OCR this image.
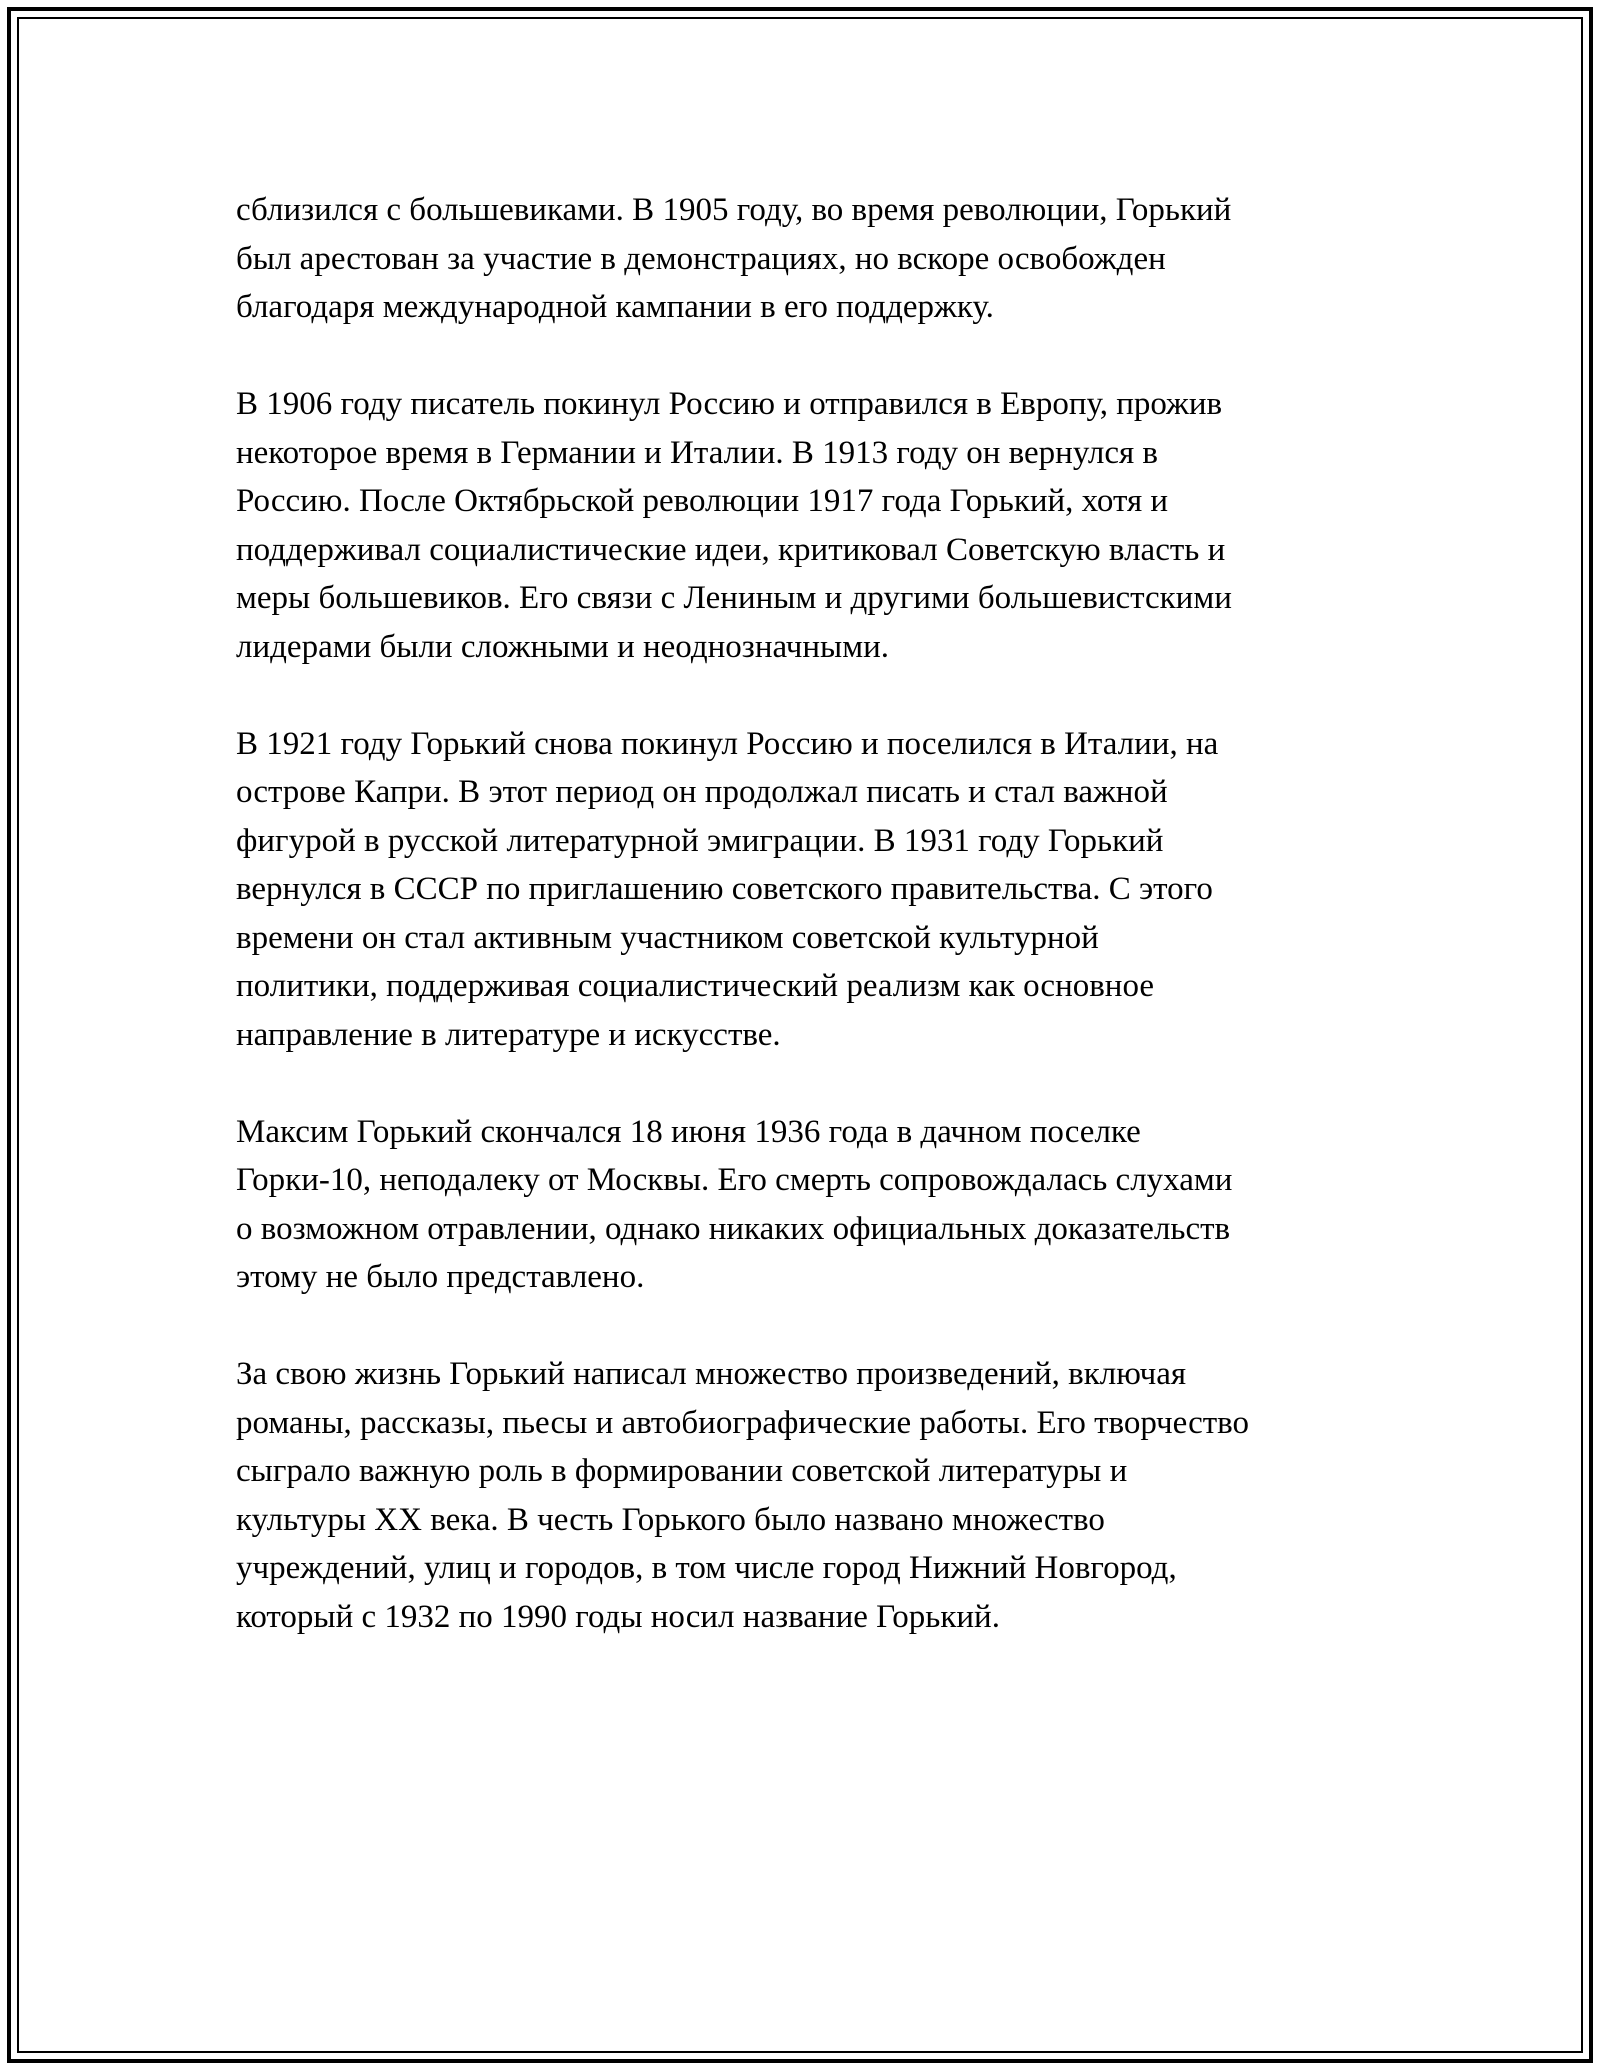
сблизился с большевиками. В 1905 году, во время революции, Горький
был арестован за участие в демонстрациях, но вскоре освобожден
благодаря международной кампании в его поддержку.

В 1906 году писатель покинул Россию и отправился в Европу, прожив
некоторое время в Германии и Италии. В 1913 году он вернулся в
Россию. После Октябрьской революции 1917 года Горький, хотя и
поддерживал социалистические идеи, критиковал Советскую власть и
меры большевиков. Его связи с Лениным и другими большевистскими
лидерами были сложными и неоднозначными.

В 1921 году Горький снова покинул Россию и поселился в Италии, на
острове Капри. В этот период он продолжал писать и стал важной
фигурой в русской литературной эмиграции. В 1931 году Горький
вернулся в СССР по приглашению советского правительства. С этого
времени он стал активным участником советской культурной
политики, поддерживая социалистический реализм как основное
направление в литературе и искусстве.

Максим Горький скончался 18 июня 1936 года в дачном поселке
Горки-10, неподалеку от Москвы. Его смерть сопровождалась слухами
о возможном отравлении, однако никаких официальных доказательств
этому не было представлено.

За свою жизнь Горький написал множество произведений, включая
романы, рассказы, пьесы и автобиографические работы. Его творчество
сыграло важную роль в формировании советской литературы и
культуры XX века. В честь Горького было названо множество
учреждений, улиц и городов, в том числе город Нижний Новгород,
который с 1932 по 1990 годы носил название Горький.
